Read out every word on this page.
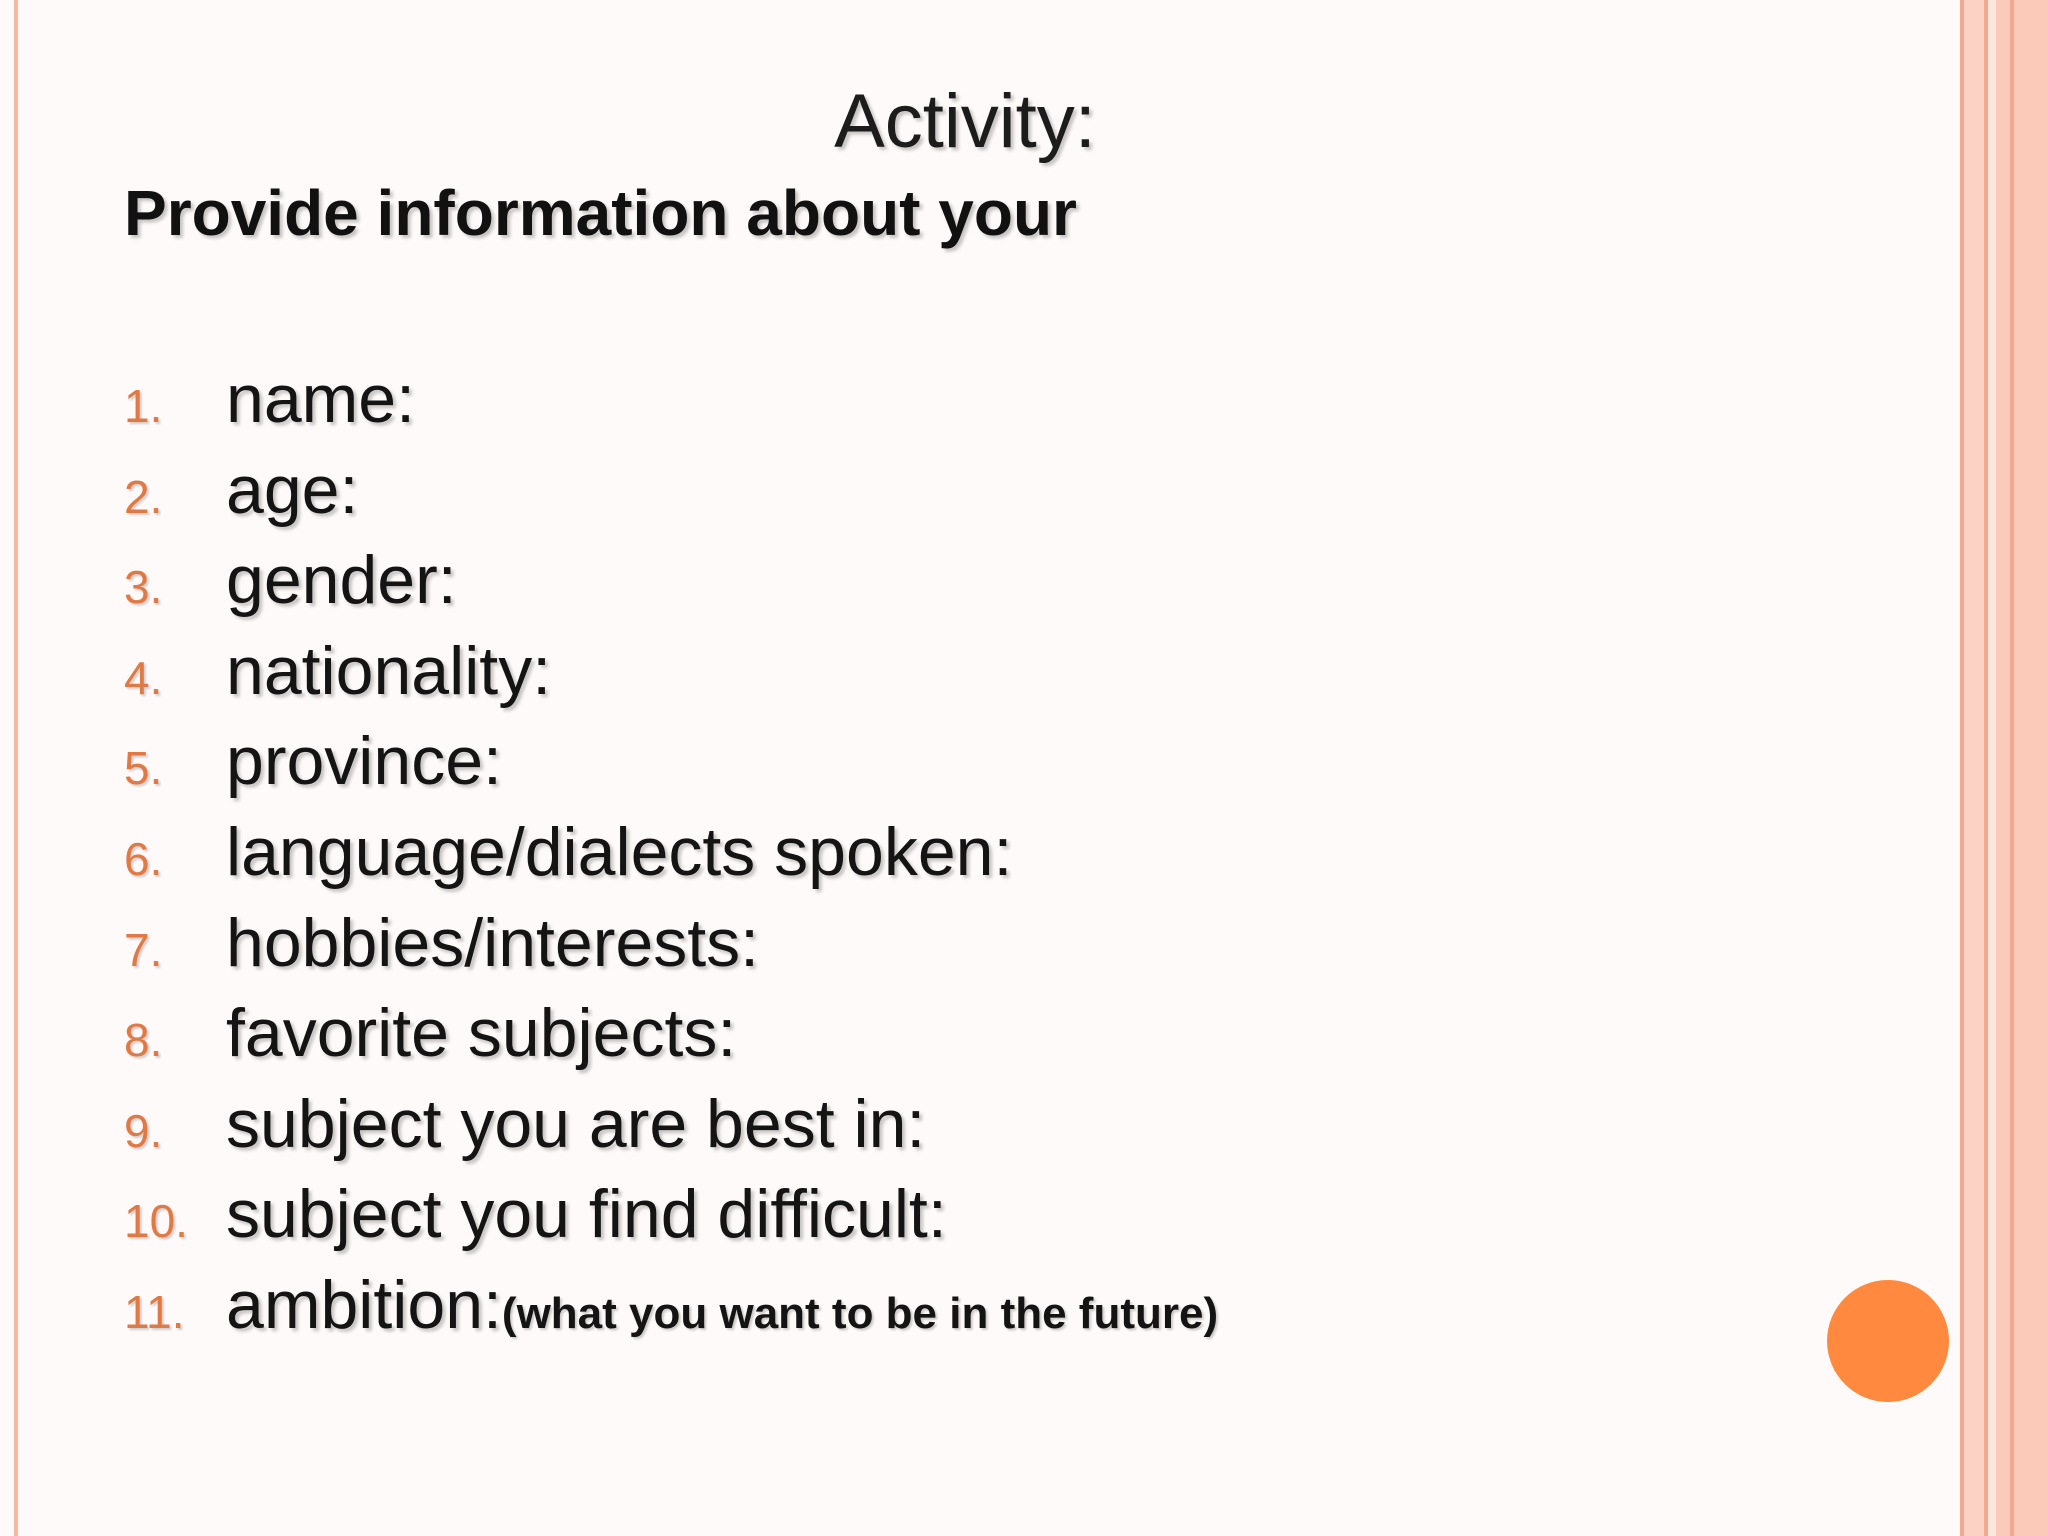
Activity:
Provide information about your
1. name:
2. age:
3. gender:
4. nationality:
5. province:
6. language/dialects spoken:
7. hobbies/interests:
8. favorite subjects:
9. subject you are best in:
10. subject you find difficult:
11. ambition: (what you want to be in the future)
